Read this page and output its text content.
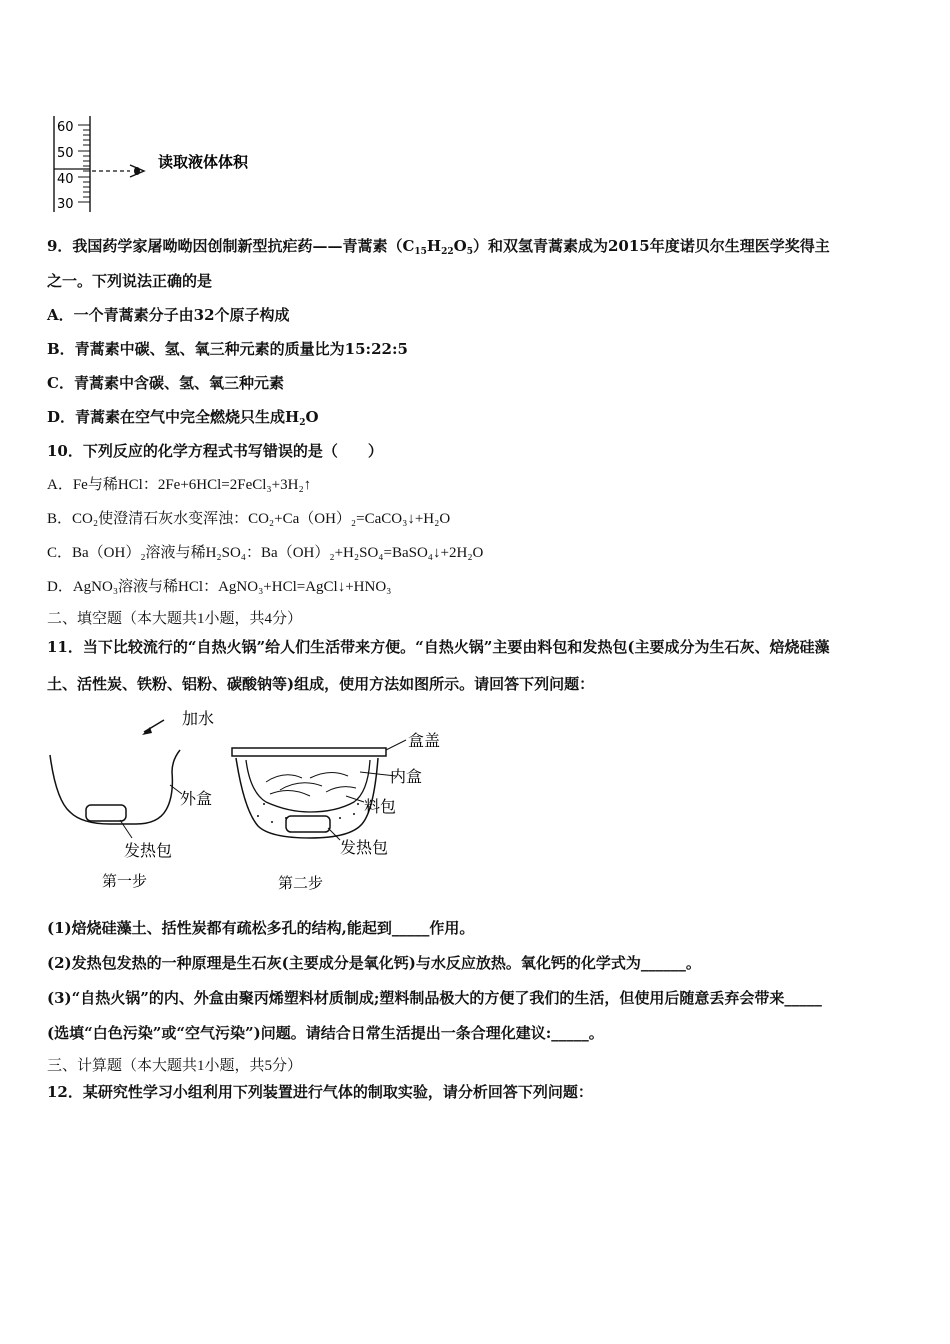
60
50
40
30
读取液体体积
9．我国药学家屠呦呦因创制新型抗疟药——青蒿素$(C_{15}H_{22}O_5)$和双氢青蒿素成为2015年度诺贝尔生理医学奖得主
之一。下列说法正确的是
A．一个青蒿素分子由32个原子构成
B．青蒿素中碳、氢、氧三种元素的质量比为15:22:5
C．青蒿素中含碳、氢、氧三种元素
D．青蒿素在空气中完全燃烧只生成$H_2O$
10．下列反应的化学方程式书写错误的是（　　）
A．Fe与稀HCl：2Fe+6HCl=2FeCl₃+3H₂↑
B．CO₂使澄清石灰水变浑浊：CO₂+Ca（OH）₂=CaCO₃↓+H₂O
C．Ba（OH）₂溶液与稀H₂SO₄：Ba（OH）₂+H₂SO₄=BaSO₄↓+2H₂O
D．AgNO₃溶液与稀HCl：AgNO₃+HCl=AgCl↓+HNO₃
二、填空题（本大题共1小题，共4分）
11．当下比较流行的“自热火锅”给人们生活带来方便。“自热火锅”主要由料包和发热包(主要成分为生石灰、焙烧硅藻
土、活性炭、铁粉、铝粉、碳酸钠等)组成，使用方法如图所示。请回答下列问题：
加水
外盒
发热包
第一步
盒盖
内盒
料包
发热包
第二步
(1)焙烧硅藻土、括性炭都有疏松多孔的结构,能起到_____作用。
(2)发热包发热的一种原理是生石灰(主要成分是氧化钙)与水反应放热。氧化钙的化学式为______。
(3)“自热火锅”的内、外盒由聚丙烯塑料材质制成;塑料制品极大的方便了我们的生活，但使用后随意丢弃会带来_____
(选填“白色污染”或“空气污染”)问题。请结合日常生活提出一条合理化建议:_____。
三、计算题（本大题共1小题，共5分）
12．某研究性学习小组利用下列装置进行气体的制取实验，请分析回答下列问题：
